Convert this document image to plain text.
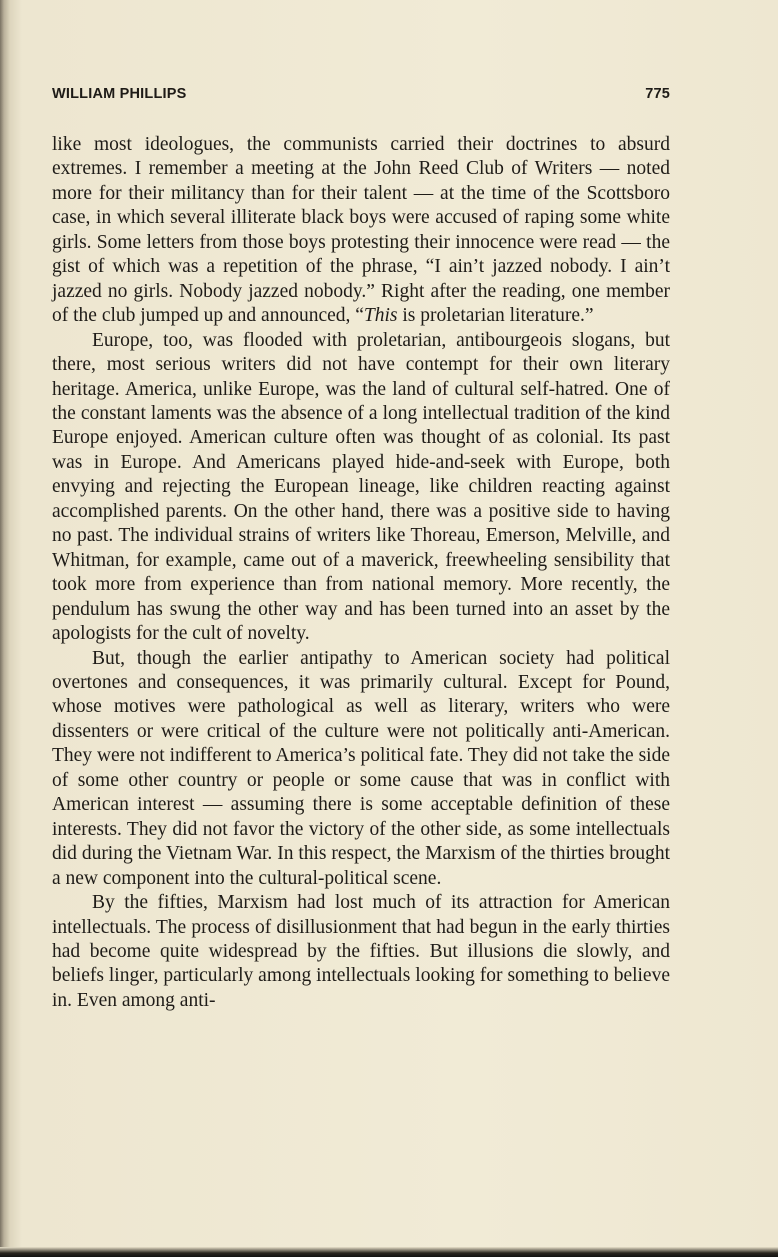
WILLIAM PHILLIPS	775

like most ideologues, the communists carried their doctrines to absurd extremes. I remember a meeting at the John Reed Club of Writers — noted more for their militancy than for their talent — at the time of the Scottsboro case, in which several illiterate black boys were accused of raping some white girls. Some letters from those boys protesting their innocence were read — the gist of which was a repetition of the phrase, “I ain’t jazzed nobody. I ain’t jazzed no girls. Nobody jazzed nobody.” Right after the reading, one member of the club jumped up and announced, “This is proletarian literature.”

Europe, too, was flooded with proletarian, antibourgeois slogans, but there, most serious writers did not have contempt for their own literary heritage. America, unlike Europe, was the land of cultural self-hatred. One of the constant laments was the absence of a long intellectual tradition of the kind Europe enjoyed. American culture often was thought of as colonial. Its past was in Europe. And Americans played hide-and-seek with Europe, both envying and rejecting the European lineage, like children reacting against accomplished parents. On the other hand, there was a positive side to having no past. The individual strains of writers like Thoreau, Emerson, Melville, and Whitman, for example, came out of a maverick, freewheeling sensibility that took more from experience than from national memory. More recently, the pendulum has swung the other way and has been turned into an asset by the apologists for the cult of novelty.

But, though the earlier antipathy to American society had political overtones and consequences, it was primarily cultural. Except for Pound, whose motives were pathological as well as literary, writers who were dissenters or were critical of the culture were not politically anti-American. They were not indifferent to America’s political fate. They did not take the side of some other country or people or some cause that was in conflict with American interest — assuming there is some acceptable definition of these interests. They did not favor the victory of the other side, as some intellectuals did during the Vietnam War. In this respect, the Marxism of the thirties brought a new component into the cultural-political scene.

By the fifties, Marxism had lost much of its attraction for American intellectuals. The process of disillusionment that had begun in the early thirties had become quite widespread by the fifties. But illusions die slowly, and beliefs linger, particularly among intellectuals looking for something to believe in. Even among anti-
